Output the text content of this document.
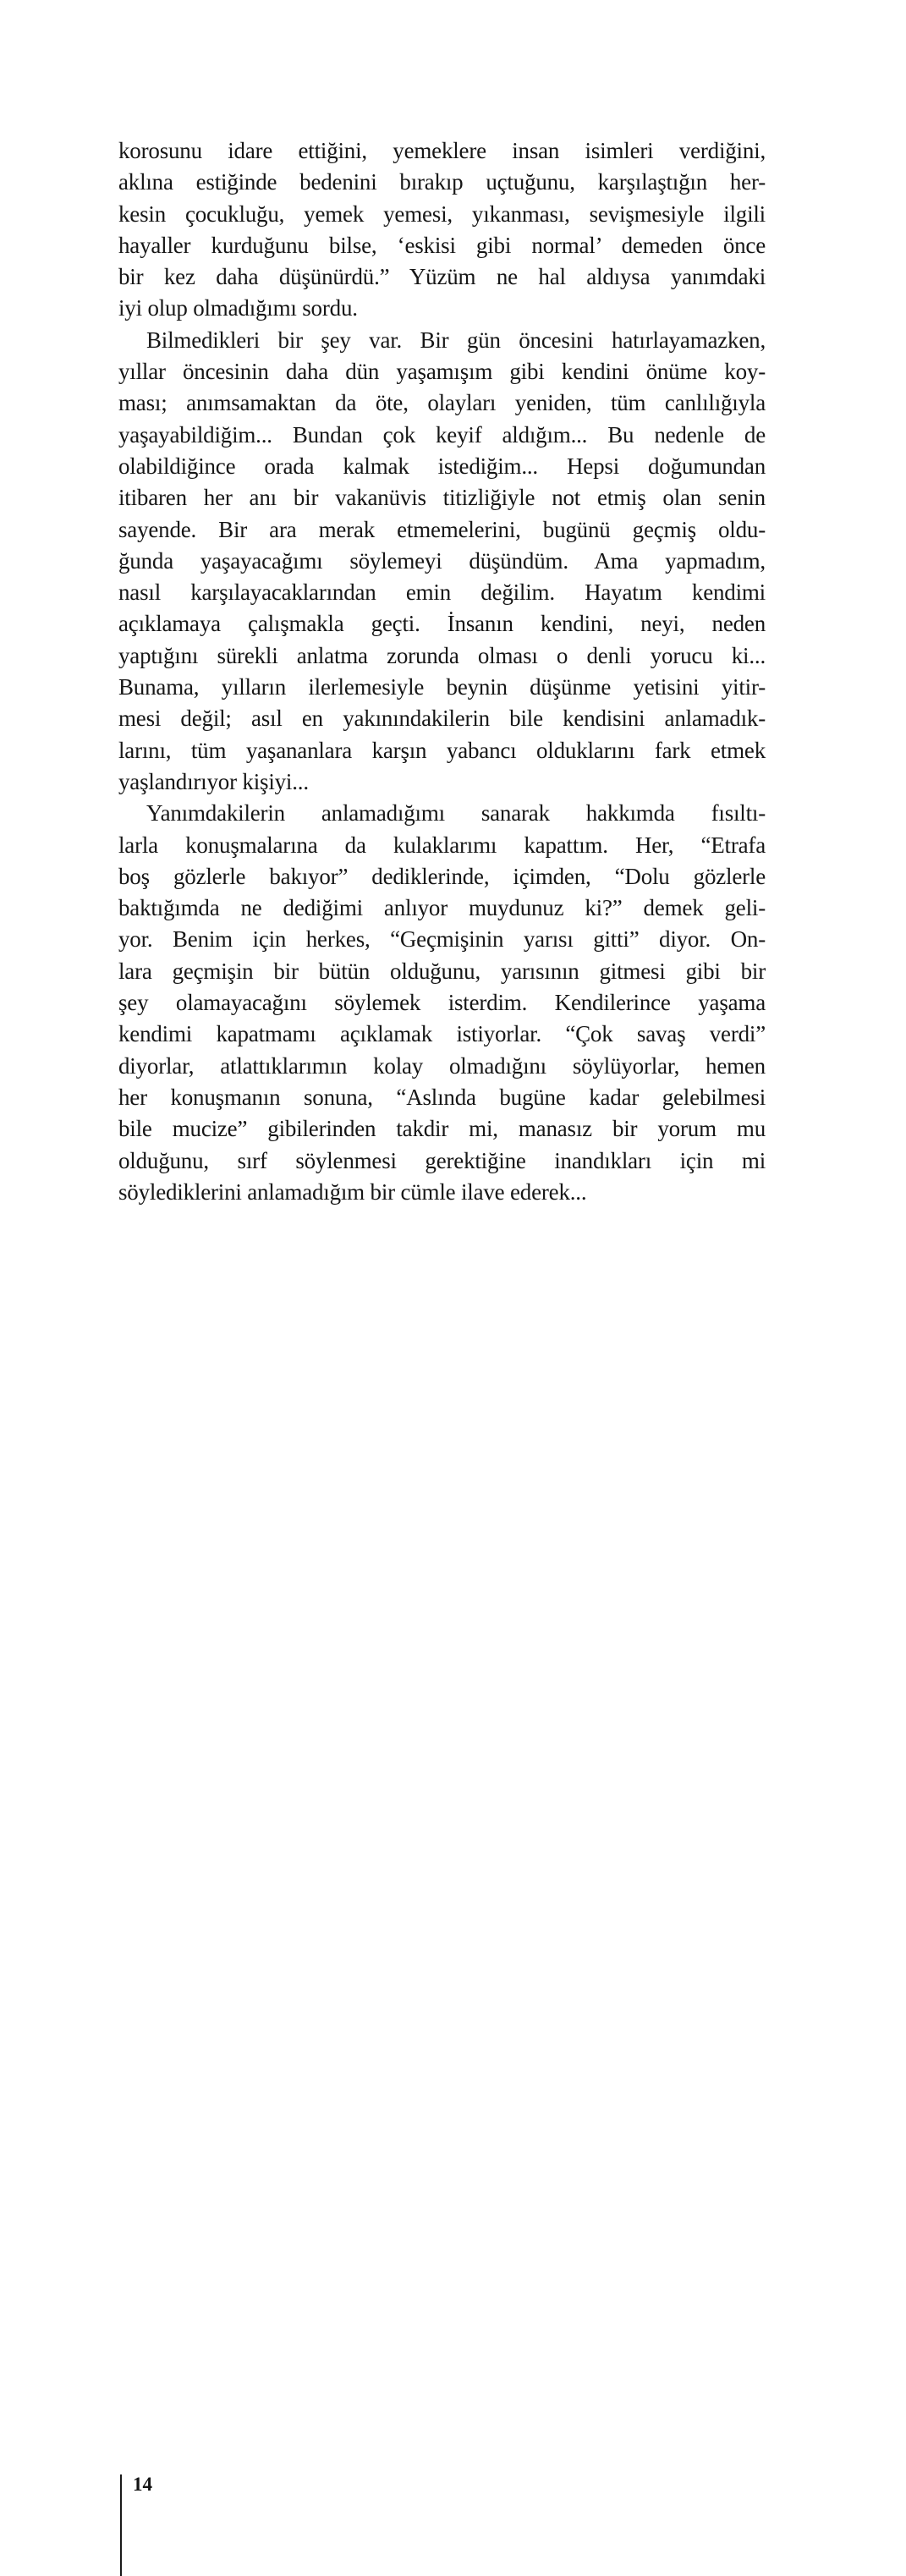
korosunu idare ettiğini, yemeklere insan isimleri verdiğini,
aklına estiğinde bedenini bırakıp uçtuğunu, karşılaştığın her-
kesin çocukluğu, yemek yemesi, yıkanması, sevişmesiyle ilgili
hayaller kurduğunu bilse, ‘eskisi gibi normal’ demeden önce
bir kez daha düşünürdü.” Yüzüm ne hal aldıysa yanımdaki
iyi olup olmadığımı sordu.
Bilmedikleri bir şey var. Bir gün öncesini hatırlayamazken,
yıllar öncesinin daha dün yaşamışım gibi kendini önüme koy-
ması; anımsamaktan da öte, olayları yeniden, tüm canlılığıyla
yaşayabildiğim... Bundan çok keyif aldığım... Bu nedenle de
olabildiğince orada kalmak istediğim... Hepsi doğumundan
itibaren her anı bir vakanüvis titizliğiyle not etmiş olan senin
sayende. Bir ara merak etmemelerini, bugünü geçmiş oldu-
ğunda yaşayacağımı söylemeyi düşündüm. Ama yapmadım,
nasıl karşılayacaklarından emin değilim. Hayatım kendimi
açıklamaya çalışmakla geçti. İnsanın kendini, neyi, neden
yaptığını sürekli anlatma zorunda olması o denli yorucu ki...
Bunama, yılların ilerlemesiyle beynin düşünme yetisini yitir-
mesi değil; asıl en yakınındakilerin bile kendisini anlamadık-
larını, tüm yaşananlara karşın yabancı olduklarını fark etmek
yaşlandırıyor kişiyi...
Yanımdakilerin anlamadığımı sanarak hakkımda fısıltı-
larla konuşmalarına da kulaklarımı kapattım. Her, “Etrafa
boş gözlerle bakıyor” dediklerinde, içimden, “Dolu gözlerle
baktığımda ne dediğimi anlıyor muydunuz ki?” demek geli-
yor. Benim için herkes, “Geçmişinin yarısı gitti” diyor. On-
lara geçmişin bir bütün olduğunu, yarısının gitmesi gibi bir
şey olamayacağını söylemek isterdim. Kendilerince yaşama
kendimi kapatmamı açıklamak istiyorlar. “Çok savaş verdi”
diyorlar, atlattıklarımın kolay olmadığını söylüyorlar, hemen
her konuşmanın sonuna, “Aslında bugüne kadar gelebilmesi
bile mucize” gibilerinden takdir mi, manasız bir yorum mu
olduğunu, sırf söylenmesi gerektiğine inandıkları için mi
söylediklerini anlamadığım bir cümle ilave ederek...
14
